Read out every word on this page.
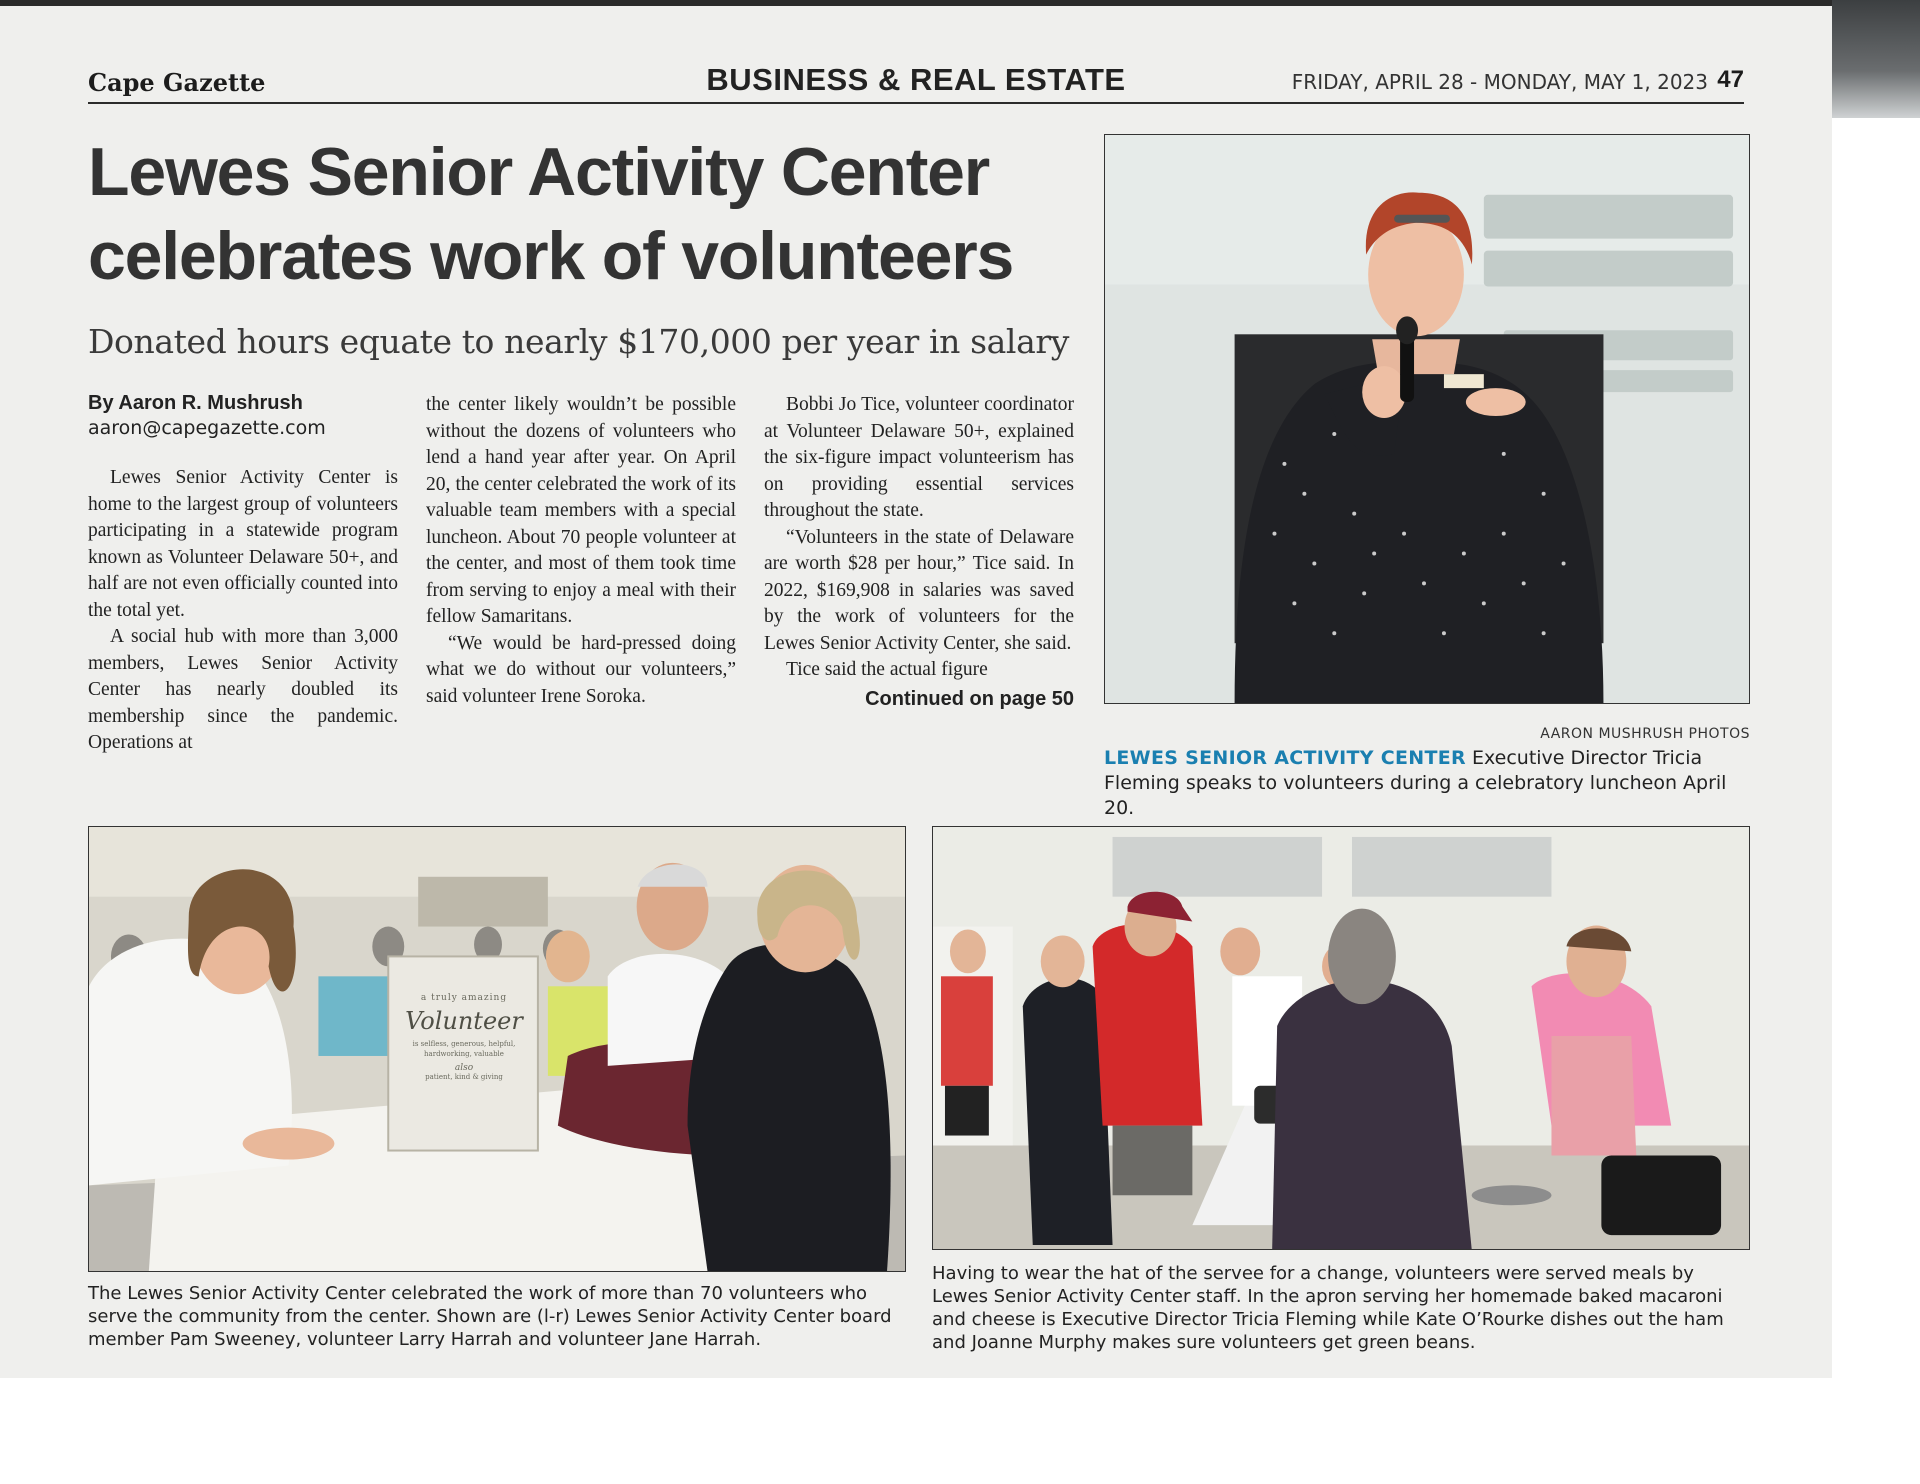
Cape Gazette	BUSINESS & REAL ESTATE	FRIDAY, APRIL 28 - MONDAY, MAY 1, 2023 47
Lewes Senior Activity Center
celebrates work of volunteers
Donated hours equate to nearly $170,000 per year in salary
By Aaron R. Mushrush
aaron@capegazette.com

Lewes Senior Activity Center is home to the largest group of volunteers participating in a statewide program known as Volunteer Delaware 50+, and half are not even officially counted into the total yet.

A social hub with more than 3,000 members, Lewes Senior Activity Center has nearly doubled its membership since the pandemic. Operations at

the center likely wouldn’t be possible without the dozens of volunteers who lend a hand year after year. On April 20, the center celebrated the work of its valuable team members with a special luncheon. About 70 people volunteer at the center, and most of them took time from serving to enjoy a meal with their fellow Samaritans.

“We would be hard-pressed doing what we do without our volunteers,” said volunteer Irene Soroka.

Bobbi Jo Tice, volunteer coordinator at Volunteer Delaware 50+, explained the six-figure impact volunteerism has on providing essential services throughout the state.

“Volunteers in the state of Delaware are worth $28 per hour,” Tice said. In 2022, $169,908 in salaries was saved by the work of volunteers for the Lewes Senior Activity Center, she said.

Tice said the actual figure

Continued on page 50
AARON MUSHRUSH PHOTOS
LEWES SENIOR ACTIVITY CENTER Executive Director Tricia Fleming speaks to volunteers during a celebratory luncheon April 20.
a truly amazing
Volunteer
is selfless, generous, helpful, hardworking, valuable
also
patient, kind & giving
The Lewes Senior Activity Center celebrated the work of more than 70 volunteers who serve the community from the center. Shown are (l-r) Lewes Senior Activity Center board member Pam Sweeney, volunteer Larry Harrah and volunteer Jane Harrah.
Having to wear the hat of the servee for a change, volunteers were served meals by Lewes Senior Activity Center staff. In the apron serving her homemade baked macaroni and cheese is Executive Director Tricia Fleming while Kate O’Rourke dishes out the ham and Joanne Murphy makes sure volunteers get green beans.
